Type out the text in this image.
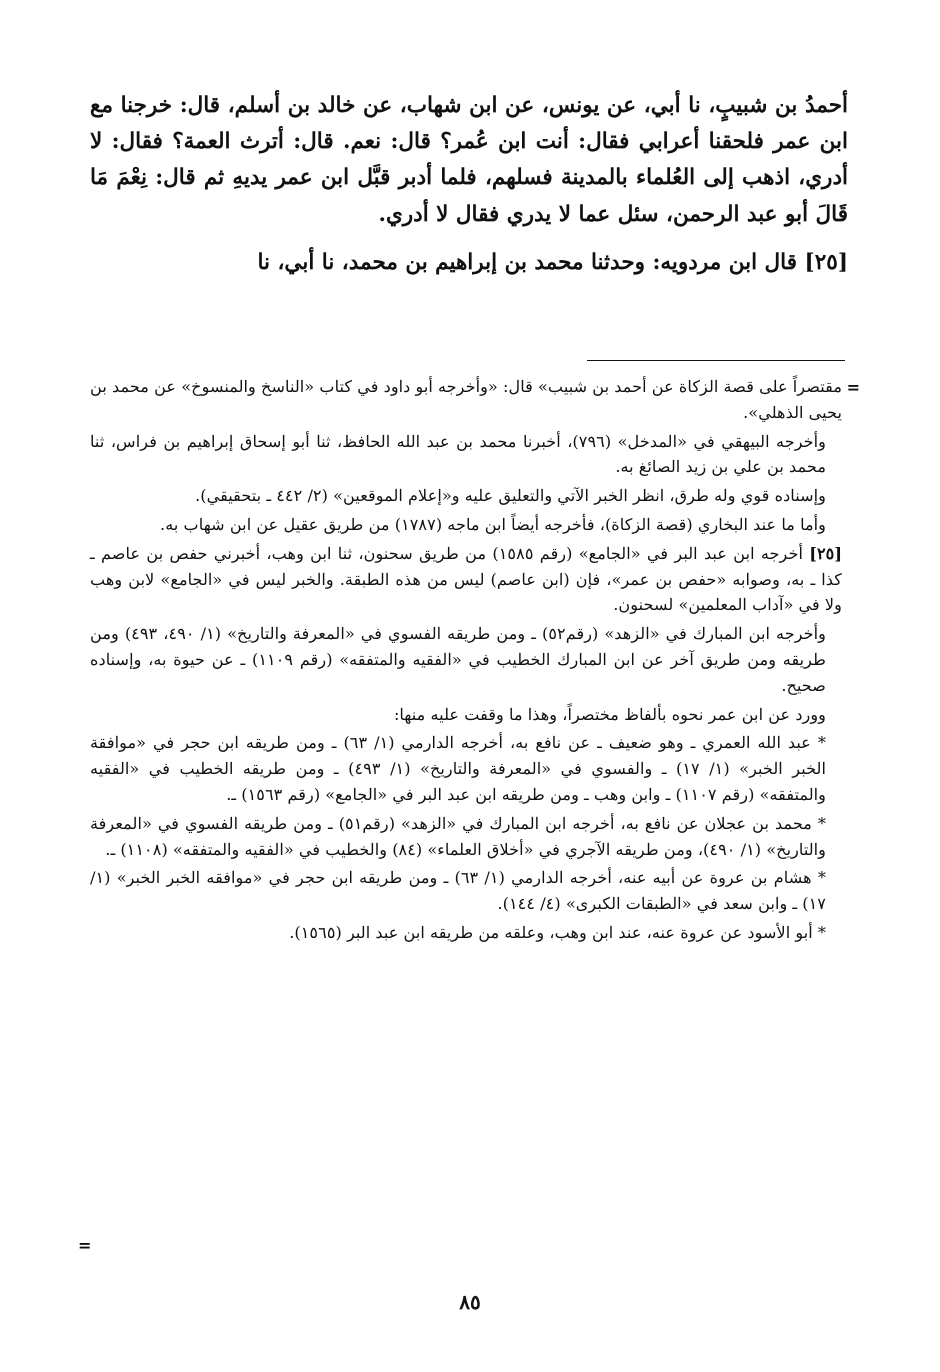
أحمدُ بن شبيبٍ، نا أبي، عن يونس، عن ابن شهاب، عن خالد بن أسلم، قال: خرجنا مع ابن عمر فلحقنا أعرابي فقال: أنت ابن عُمر؟ قال: نعم. قال: أترث العمة؟ فقال: لا أدري، اذهب إلى العُلماء بالمدينة فسلهم، فلما أدبر قبَّل ابن عمر يديهِ ثم قال: نِعْمَ مَا قَالَ أبو عبد الرحمن، سئل عما لا يدري فقال لا أدري.

[٢٥] قال ابن مردويه: وحدثنا محمد بن إبراهيم بن محمد، نا أبي، نا

=

مقتصراً على قصة الزكاة عن أحمد بن شبيب» قال: «وأخرجه أبو داود في كتاب «الناسخ والمنسوخ» عن محمد بن يحيى الذهلي».

وأخرجه البيهقي في «المدخل» (٧٩٦)، أخبرنا محمد بن عبد الله الحافظ، ثنا أبو إسحاق إبراهيم بن فراس، ثنا محمد بن علي بن زيد الصائغ به.

وإسناده قوي وله طرق، انظر الخبر الآتي والتعليق عليه و«إعلام الموقعين» (٢/ ٤٤٢ ـ بتحقيقي).

وأما ما عند البخاري (قصة الزكاة)، فأخرجه أيضاً ابن ماجه (١٧٨٧) من طريق عقيل عن ابن شهاب به.

[٢٥] أخرجه ابن عبد البر في «الجامع» (رقم ١٥٨٥) من طريق سحنون، ثنا ابن وهب، أخبرني حفص بن عاصم ـ كذا ـ به، وصوابه «حفص بن عمر»، فإن (ابن عاصم) ليس من هذه الطبقة. والخبر ليس في «الجامع» لابن وهب ولا في «آداب المعلمين» لسحنون.

وأخرجه ابن المبارك في «الزهد» (رقم٥٢) ـ ومن طريقه الفسوي في «المعرفة والتاريخ» (١/ ٤٩٠، ٤٩٣) ومن طريقه ومن طريق آخر عن ابن المبارك الخطيب في «الفقيه والمتفقه» (رقم ١١٠٩) ـ عن حيوة به، وإسناده صحيح.

وورد عن ابن عمر نحوه بألفاظ مختصراً، وهذا ما وقفت عليه منها:

* عبد الله العمري ـ وهو ضعيف ـ عن نافع به، أخرجه الدارمي (١/ ٦٣) ـ ومن طريقه ابن حجر في «موافقة الخبر الخبر» (١/ ١٧) ـ والفسوي في «المعرفة والتاريخ» (١/ ٤٩٣) ـ ومن طريقه الخطيب في «الفقيه والمتفقه» (رقم ١١٠٧) ـ وابن وهب ـ ومن طريقه ابن عبد البر في «الجامع» (رقم ١٥٦٣) ـ.

* محمد بن عجلان عن نافع به، أخرجه ابن المبارك في «الزهد» (رقم٥١) ـ ومن طريقه الفسوي في «المعرفة والتاريخ» (١/ ٤٩٠)، ومن طريقه الآجري في «أخلاق العلماء» (٨٤) والخطيب في «الفقيه والمتفقه» (١١٠٨) ـ.

* هشام بن عروة عن أبيه عنه، أخرجه الدارمي (١/ ٦٣) ـ ومن طريقه ابن حجر في «موافقه الخبر الخبر» (١/ ١٧) ـ وابن سعد في «الطبقات الكبرى» (٤/ ١٤٤).

* أبو الأسود عن عروة عنه، عند ابن وهب، وعلقه من طريقه ابن عبد البر (١٥٦٥).

=
٨٥
